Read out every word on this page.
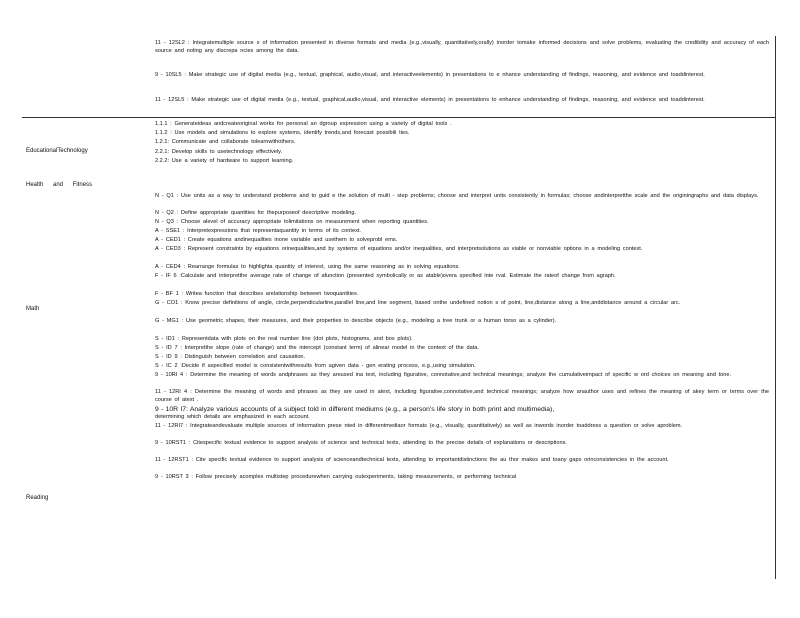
11 - 12SL2 : Integratemultiple source s of information presented in diverse formats and media (e.g.,visually, quantitatively,orally) inorder tomake informed decisions and solve problems, evaluating the credibility and accuracy of each source and noting any discrepa ncies among the data.
9 - 10SL5 : Make strategic use of digital media (e.g., textual, graphical, audio,visual, and interactiveelements) in presentations to e nhance understanding of findings, reasoning, and evidence and toaddinterest.
11 - 12SL5 : Make strategic use of digital media (e.g., textual, graphical,audio,visual, and interactive elements) in presentations to enhance understanding of findings, reasoning, and evidence and toaddinterest.
EducationalTechnology
1.1.1 : Generateideas andcreateoriginal works for personal an dgroup expression using a variety of digital tools .
1.1.2 : Use models and simulations to explore systems, identify trends,and forecast possibili ties.
1.2.1: Communicate and collaborate tolearnwithothers.
2.2.1: Develop skills to usetechnology effectively.
2.2.2: Use a variety of hardware to support learning.
Health and Fitness
Math
N - Q1 : Use units as a way to understand problems and to guid e the solution of multi - step problems; choose and interpret units consistently in formulas; choose andinterpretthe scale and the originingraphs and data displays.
N - Q2 : Define appropriate quantities for thepurposeof descriptive modeling.
N - Q3 : Choose alevel of accuracy appropriate tolimitations on measurement when reporting quantities.
A - SSE1 : Interpretexpressions that representaquantity in terms of its context.
A - CED1 : Create equations andinequalities inone variable and usethem to solveprobl ems.
A - CED3 : Represent constraints by equations orinequalities,and by systems of equations and/or inequalities, and interpretsolutions as viable or nonviable options in a modeling context.
A - CED4 : Rearrange formulas to highlighta quantity of interest, using the same reasoning as in solving equations.
F - IF 6 :Calculate and interpretthe average rate of change of afunction (presented symbolically or as atable)overa specified inte rval. Estimate the rateof change from agraph.
F - BF 1 : Writea function that describes arelationship between twoquantities.
G - CO1 : Know precise definitions of angle, circle,perpendicularline,parallel line,and line segment, based onthe undefined notion s of point, line,distance along a line,anddistance around a circular arc.
G - MG1 : Use geometric shapes, their measures, and their properties to describe objects (e.g., modeling a tree trunk or a human torso as a cylinder).
S - ID1 : Representdata with plots on the real number line (dot plots, histograms, and box plots).
S - ID 7 : Interpretthe slope (rate of change) and the intercept (constant term) of alinear model in the context of the data.
S - ID 9 : Distinguish between correlation and causation.
S - IC 2 :Decide if aspecified model is consistentwithresults from agiven data - gen erating process, e.g.,using simulation.
Reading
9 - 10RI 4 : Determine the meaning of words andphrases as they areused ina text, including figurative, connotative,and technical meanings; analyze the cumulativeimpact of specific w ord choices on meaning and tone.
11 - 12RI 4 : Determine the meaning of words and phrases as they are used in atext, including figurative,connotative,and technical meanings; analyze how anauthor uses and refines the meaning of akey term or terms over the course of atext .
9 - 10R I7: Analyze various accounts of a subject told in different mediums (e.g., a person’s life story in both print and multimedia),
determining which details are emphasized in each account.
11 - 12RI7 : Integrateandevaluate multiple sources of information prese nted in differentmediaor formats (e.g., visually, quantitatively) as well as inwords inorder toaddress a question or solve aproblem.
9 - 10RST1 : Citespecific textual evidence to support analysis of science and technical texts, attending to the precise details of explanations or descriptions.
11 - 12RST1 : Cite specific textual evidence to support analysis of scienceandtechnical texts, attending to importantdistinctions the au thor makes and toany gaps orinconsistencies in the account.
9 - 10RST 3 : Follow precisely acomplex multistep procedurewhen carrying outexperiments, taking measurements, or performing technical
